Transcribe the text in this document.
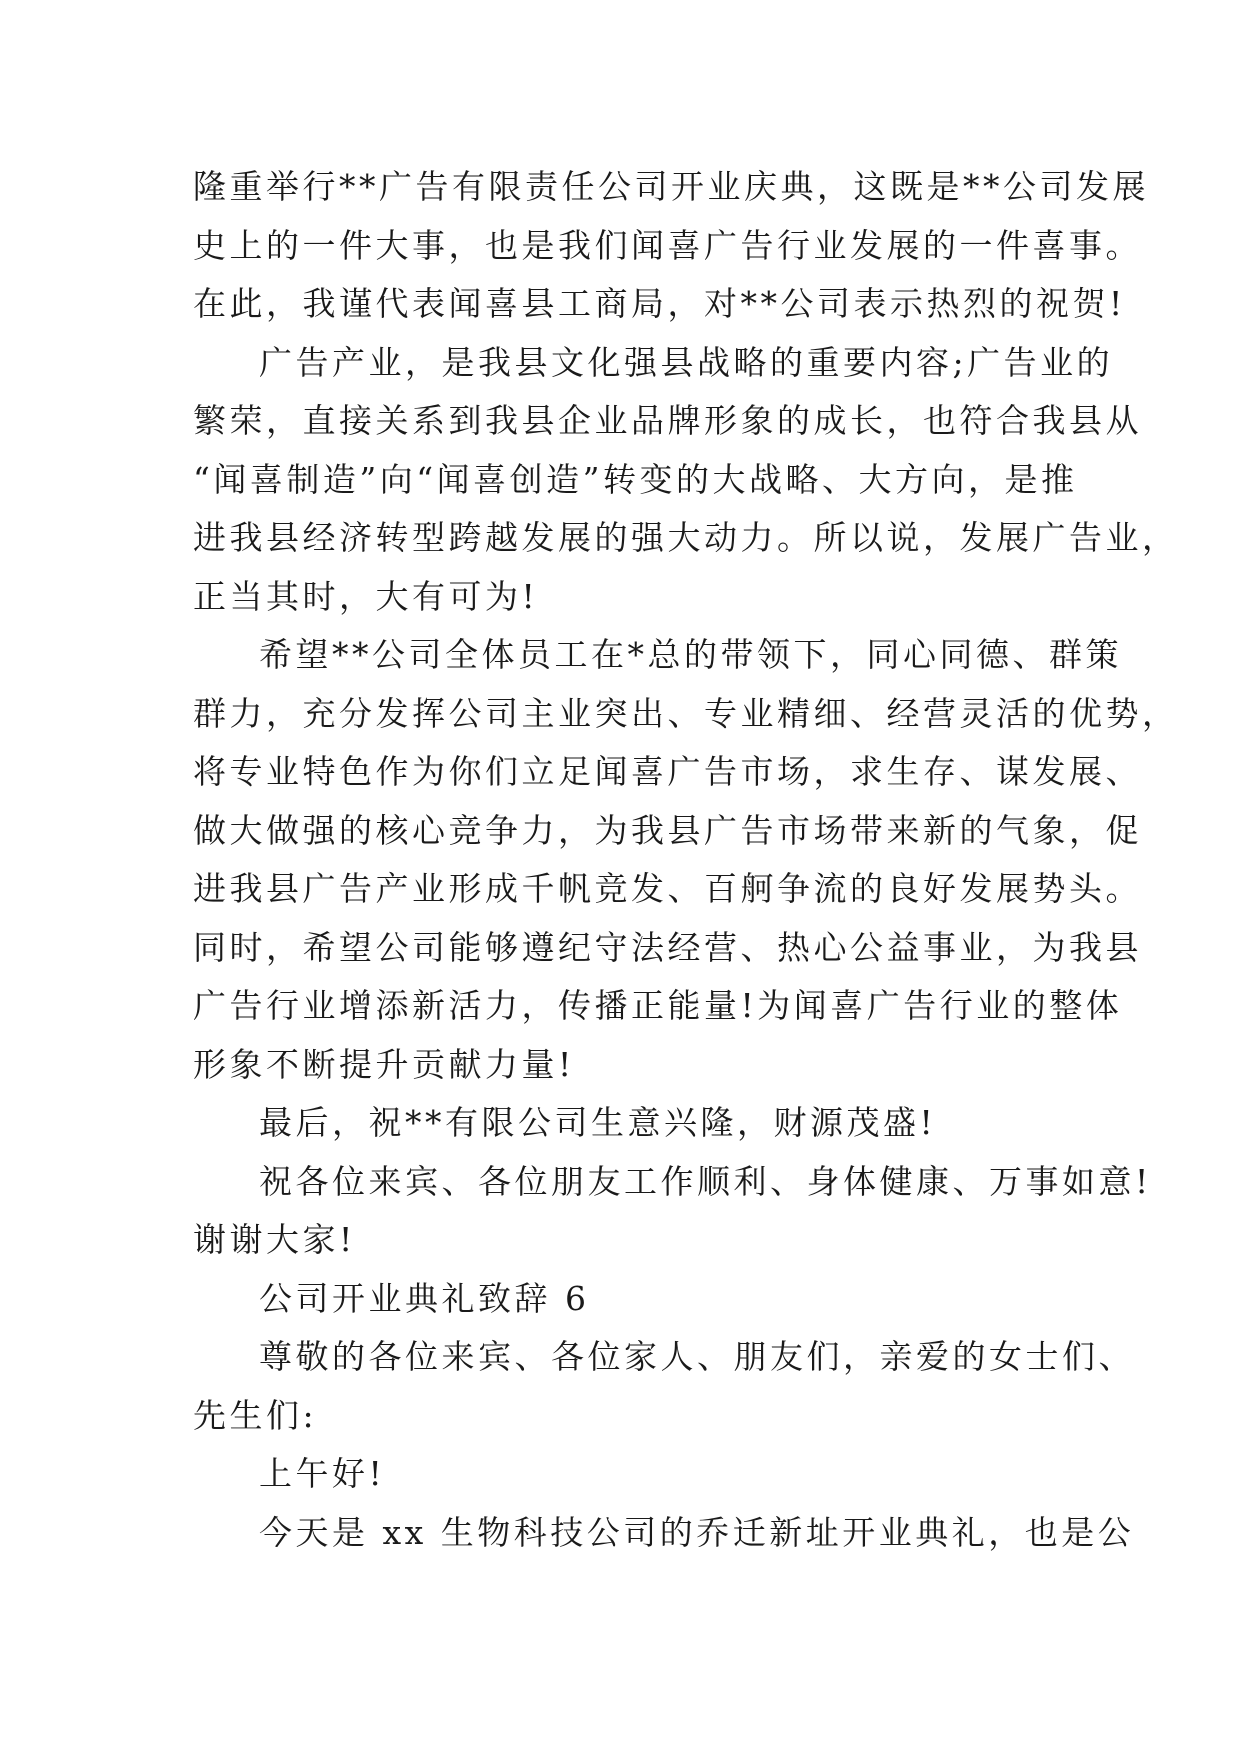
隆重举行**广告有限责任公司开业庆典，这既是**公司发展
史上的一件大事，也是我们闻喜广告行业发展的一件喜事。
在此，我谨代表闻喜县工商局，对**公司表示热烈的祝贺!
广告产业，是我县文化强县战略的重要内容;广告业的
繁荣，直接关系到我县企业品牌形象的成长，也符合我县从
“闻喜制造”向“闻喜创造”转变的大战略、大方向，是推
进我县经济转型跨越发展的强大动力。所以说，发展广告业，
正当其时，大有可为!
希望**公司全体员工在*总的带领下，同心同德、群策
群力，充分发挥公司主业突出、专业精细、经营灵活的优势，
将专业特色作为你们立足闻喜广告市场，求生存、谋发展、
做大做强的核心竞争力，为我县广告市场带来新的气象，促
进我县广告产业形成千帆竞发、百舸争流的良好发展势头。
同时，希望公司能够遵纪守法经营、热心公益事业，为我县
广告行业增添新活力，传播正能量!为闻喜广告行业的整体
形象不断提升贡献力量!
最后，祝**有限公司生意兴隆，财源茂盛!
祝各位来宾、各位朋友工作顺利、身体健康、万事如意!
谢谢大家!
公司开业典礼致辞 6
尊敬的各位来宾、各位家人、朋友们，亲爱的女士们、
先生们:
上午好!
今天是 xx 生物科技公司的乔迁新址开业典礼，也是公
